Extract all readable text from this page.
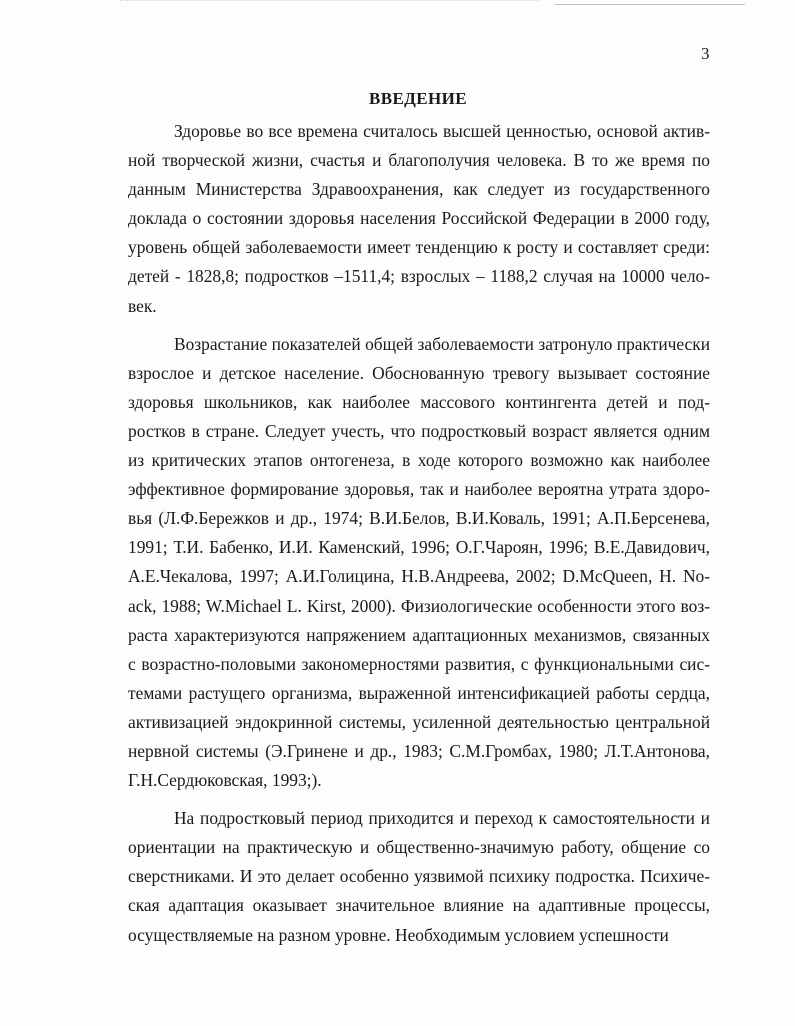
3
ВВЕДЕНИЕ

Здоровье во все времена считалось высшей ценностью, основой активной творческой жизни, счастья и благополучия человека. В то же время по данным Министерства Здравоохранения, как следует из государственного доклада о состоянии здоровья населения Российской Федерации в 2000 году, уровень общей заболеваемости имеет тенденцию к росту и составляет среди: детей - 1828,8; подростков –1511,4; взрослых – 1188,2 случая на 10000 человек.

Возрастание показателей общей заболеваемости затронуло практически взрослое и детское население. Обоснованную тревогу вызывает состояние здоровья школьников, как наиболее массового контингента детей и подростков в стране. Следует учесть, что подростковый возраст является одним из критических этапов онтогенеза, в ходе которого возможно как наиболее эффективное формирование здоровья, так и наиболее вероятна утрата здоровья (Л.Ф.Бережков и др., 1974; В.И.Белов, В.И.Коваль, 1991; А.П.Берсенева, 1991; Т.И. Бабенко, И.И. Каменский, 1996; О.Г.Чароян, 1996; В.Е.Давидович, А.Е.Чекалова, 1997; А.И.Голицина, Н.В.Андреева, 2002; D.McQueen, H. Noack, 1988; W.Michael L. Kirst, 2000). Физиологические особенности этого возраста характеризуются напряжением адаптационных механизмов, связанных с возрастно-половыми закономерностями развития, с функциональными системами растущего организма, выраженной интенсификацией работы сердца, активизацией эндокринной системы, усиленной деятельностью центральной нервной системы (Э.Гринене и др., 1983; С.М.Громбах, 1980; Л.Т.Антонова, Г.Н.Сердюковская, 1993;).

На подростковый период приходится и переход к самостоятельности и ориентации на практическую и общественно-значимую работу, общение со сверстниками. И это делает особенно уязвимой психику подростка. Психическая адаптация оказывает значительное влияние на адаптивные процессы, осуществляемые на разном уровне. Необходимым условием успешности
